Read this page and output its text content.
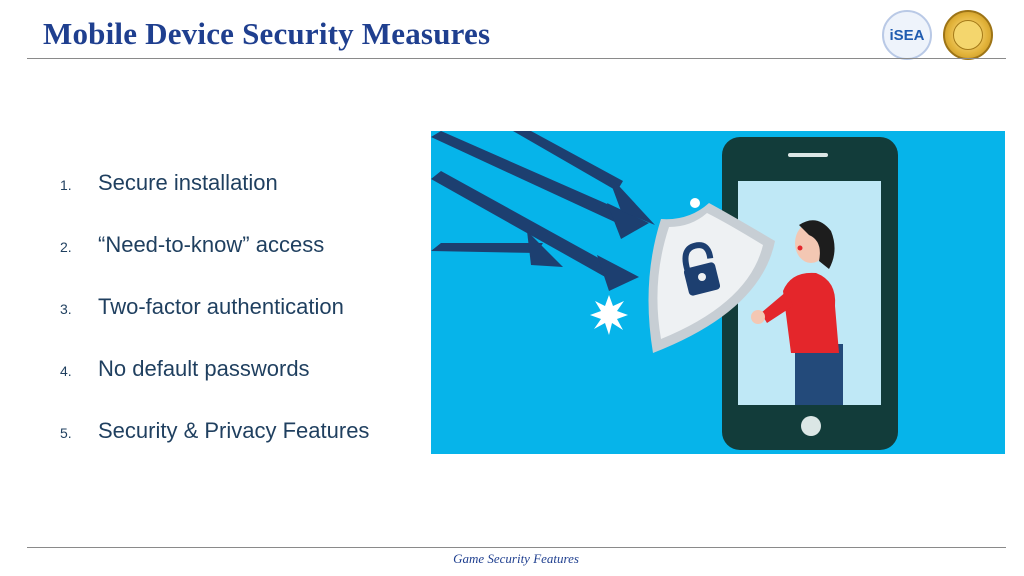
Mobile Device Security Measures	iSEA
1.	Secure installation
2.	“Need-to-know” access
3.	Two-factor authentication
4.	No default passwords
5.	Security & Privacy Features
Game Security Features
